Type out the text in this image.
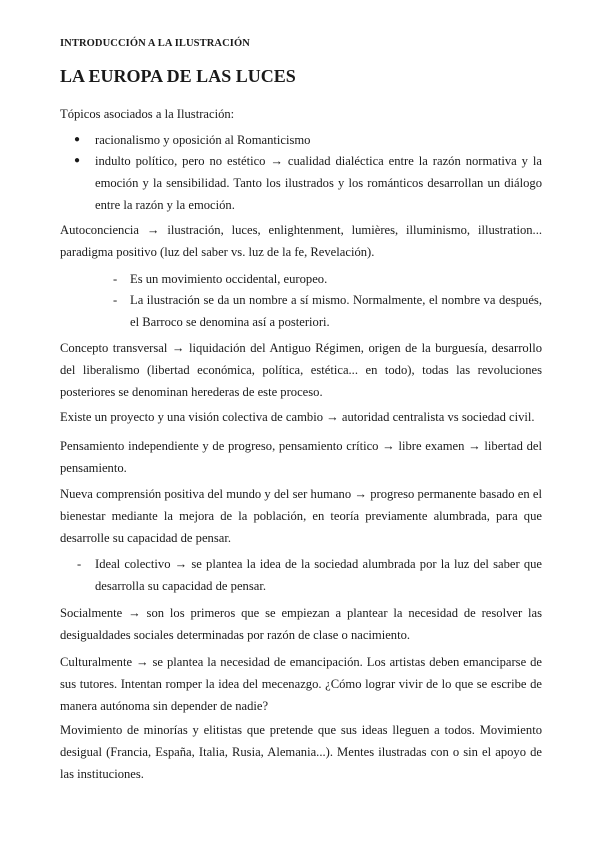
INTRODUCCIÓN A LA ILUSTRACIÓN
LA EUROPA DE LAS LUCES
Tópicos asociados a la Ilustración:
● racionalismo y oposición al Romanticismo
● indulto político, pero no estético → cualidad dialéctica entre la razón normativa y la emoción y la sensibilidad. Tanto los ilustrados y los románticos desarrollan un diálogo entre la razón y la emoción.
Autoconciencia → ilustración, luces, enlightenment, lumières, illuminismo, illustration... paradigma positivo (luz del saber vs. luz de la fe, Revelación).
- Es un movimiento occidental, europeo.
- La ilustración se da un nombre a sí mismo. Normalmente, el nombre va después, el Barroco se denomina así a posteriori.
Concepto transversal → liquidación del Antiguo Régimen, origen de la burguesía, desarrollo del liberalismo (libertad económica, política, estética... en todo), todas las revoluciones posteriores se denominan herederas de este proceso.
Existe un proyecto y una visión colectiva de cambio → autoridad centralista vs sociedad civil.
Pensamiento independiente y de progreso, pensamiento crítico → libre examen → libertad del pensamiento.
Nueva comprensión positiva del mundo y del ser humano → progreso permanente basado en el bienestar mediante la mejora de la población, en teoría previamente alumbrada, para que desarrolle su capacidad de pensar.
- Ideal colectivo → se plantea la idea de la sociedad alumbrada por la luz del saber que desarrolla su capacidad de pensar.
Socialmente → son los primeros que se empiezan a plantear la necesidad de resolver las desigualdades sociales determinadas por razón de clase o nacimiento.
Culturalmente → se plantea la necesidad de emancipación. Los artistas deben emanciparse de sus tutores. Intentan romper la idea del mecenazgo. ¿Cómo lograr vivir de lo que se escribe de manera autónoma sin depender de nadie?
Movimiento de minorías y elitistas que pretende que sus ideas lleguen a todos. Movimiento desigual (Francia, España, Italia, Rusia, Alemania...). Mentes ilustradas con o sin el apoyo de las instituciones.
